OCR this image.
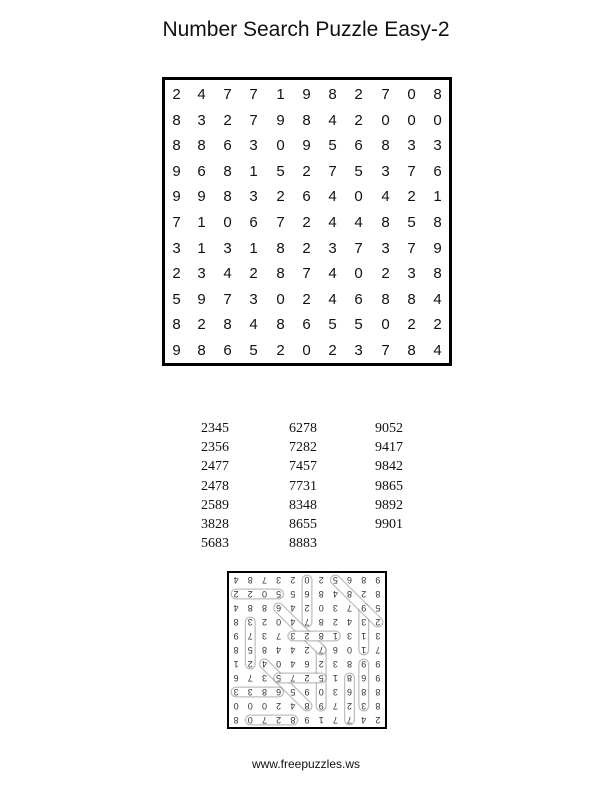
Number Search Puzzle Easy-2
2	4	7	7	1	9	8	2	7	0	8
8	3	2	7	9	8	4	2	0	0	0
8	8	6	3	0	9	5	6	8	3	3
9	6	8	1	5	2	7	5	3	7	6
9	9	8	3	2	6	4	0	4	2	1
7	1	0	6	7	2	4	4	8	5	8
3	1	3	1	8	2	3	7	3	7	9
2	3	4	2	8	7	4	0	2	3	8
5	9	7	3	0	2	4	6	8	8	4
8	2	8	4	8	6	5	5	0	2	2
9	8	6	5	2	0	2	3	7	8	4
2345
2356
2477
2478
2589
3828
5683
6278
7282
7457
7731
8348
8655
8883
9052
9417
9842
9865
9892
9901
4 8 7 3 2 0 2 5 6 8 9
2 2 0 5 5 6 8 4 8 2 8
4 8 8 6 4 2 0 3 7 9 5
8 3 2 0 4 7 8 2 4 3 2
9 7 3 7 3 2 8 1 3 1 3
8 5 8 4 4 2 7 6 0 1 7
1 2 4 0 4 6 2 3 8 9 9
6 7 3 5 7 2 5 1 8 6 9
3 3 8 6 5 9 0 3 6 8 8
0 0 0 2 4 8 9 7 2 3 8
8 0 7 2 8 9 1 7 7 4 2
www.freepuzzles.ws
